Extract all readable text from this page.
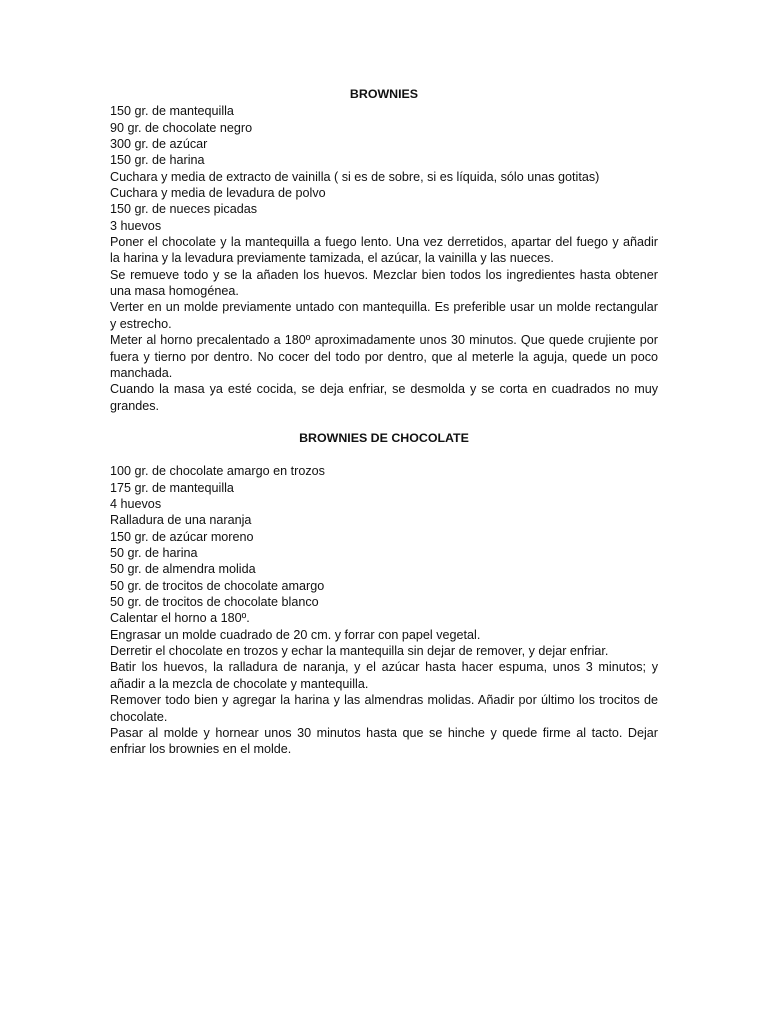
BROWNIES
150 gr. de mantequilla
90 gr. de chocolate negro
300 gr. de azúcar
150 gr. de harina
Cuchara y media de extracto de vainilla ( si es de sobre, si es líquida, sólo unas gotitas)
Cuchara y media de levadura de polvo
150 gr. de nueces picadas
3 huevos

Poner el chocolate y la mantequilla a fuego lento. Una vez derretidos, apartar del fuego y añadir la harina y la levadura previamente tamizada, el azúcar, la vainilla y las nueces.

Se remueve todo y se la añaden los huevos. Mezclar bien todos los ingredientes hasta obtener una masa homogénea.

Verter en un molde previamente untado con mantequilla. Es preferible usar un molde rectangular y estrecho.

Meter al horno precalentado a 180º aproximadamente unos 30 minutos. Que quede crujiente por fuera y tierno por dentro. No cocer del todo por dentro, que al meterle la aguja, quede un poco manchada.

Cuando la masa ya esté cocida, se deja enfriar, se desmolda y se corta en cuadrados no muy grandes.

BROWNIES DE CHOCOLATE
100 gr. de chocolate amargo en trozos
175 gr. de mantequilla
4 huevos
Ralladura de una naranja
150 gr. de azúcar moreno
50 gr. de harina
50 gr. de almendra molida
50 gr. de trocitos de chocolate amargo
50 gr. de trocitos de chocolate blanco

Calentar el horno a 180º.

Engrasar un molde cuadrado de 20 cm. y forrar con papel vegetal.

Derretir el chocolate en trozos y echar la mantequilla sin dejar de remover, y dejar enfriar.

Batir los huevos, la ralladura de naranja, y el azúcar hasta hacer espuma, unos 3 minutos; y añadir a la mezcla de chocolate y mantequilla.

Remover todo bien y agregar la harina y las almendras molidas. Añadir por último los trocitos de chocolate.

Pasar al molde y hornear unos 30 minutos hasta que se hinche y quede firme al tacto. Dejar enfriar los brownies en el molde.
